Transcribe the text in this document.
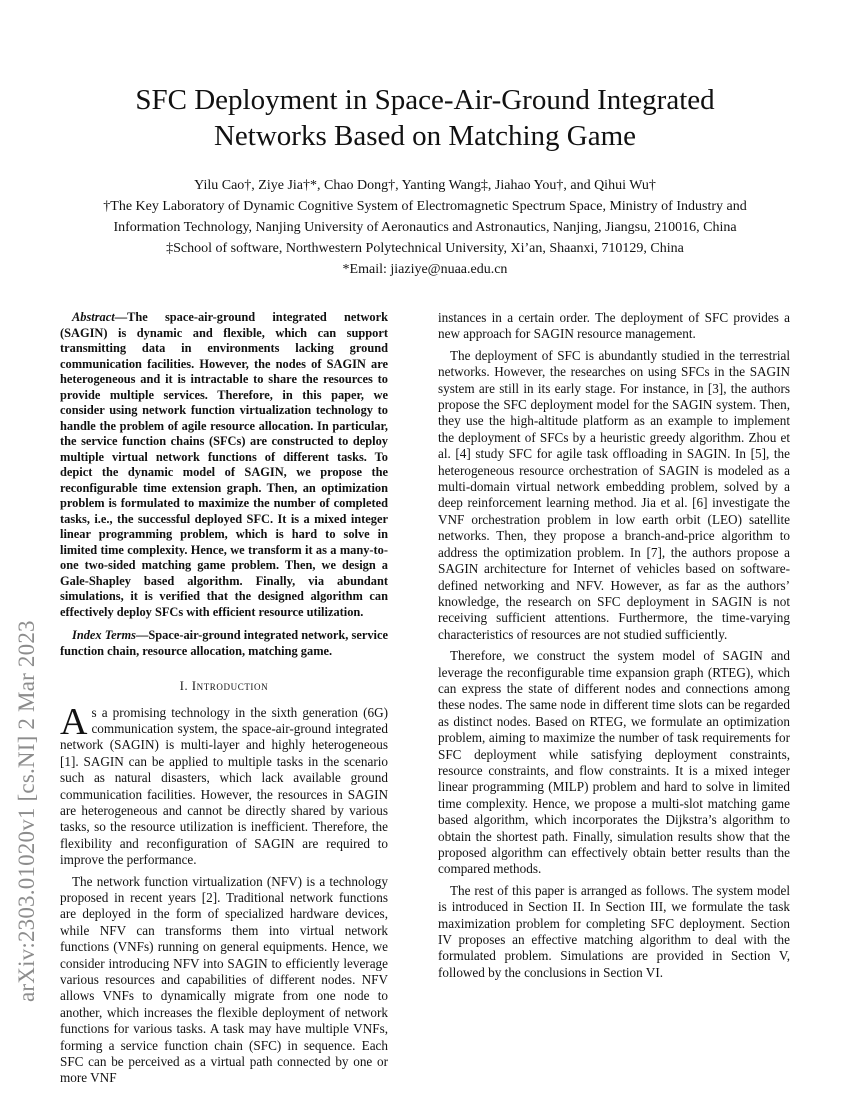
arXiv:2303.01020v1 [cs.NI] 2 Mar 2023
SFC Deployment in Space-Air-Ground Integrated
Networks Based on Matching Game
Yilu Cao†, Ziye Jia†*, Chao Dong†, Yanting Wang‡, Jiahao You†, and Qihui Wu†
†The Key Laboratory of Dynamic Cognitive System of Electromagnetic Spectrum Space, Ministry of Industry and
Information Technology, Nanjing University of Aeronautics and Astronautics, Nanjing, Jiangsu, 210016, China
‡School of software, Northwestern Polytechnical University, Xi’an, Shaanxi, 710129, China
*Email: jiaziye@nuaa.edu.cn

Abstract—The space-air-ground integrated network (SAGIN) is dynamic and flexible, which can support transmitting data in environments lacking ground communication facilities. However, the nodes of SAGIN are heterogeneous and it is intractable to share the resources to provide multiple services. Therefore, in this paper, we consider using network function virtualization technology to handle the problem of agile resource allocation. In particular, the service function chains (SFCs) are constructed to deploy multiple virtual network functions of different tasks. To depict the dynamic model of SAGIN, we propose the reconfigurable time extension graph. Then, an optimization problem is formulated to maximize the number of completed tasks, i.e., the successful deployed SFC. It is a mixed integer linear programming problem, which is hard to solve in limited time complexity. Hence, we transform it as a many-to-one two-sided matching game problem. Then, we design a Gale-Shapley based algorithm. Finally, via abundant simulations, it is verified that the designed algorithm can effectively deploy SFCs with efficient resource utilization.

Index Terms—Space-air-ground integrated network, service function chain, resource allocation, matching game.

I. Introduction

As a promising technology in the sixth generation (6G) communication system, the space-air-ground integrated network (SAGIN) is multi-layer and highly heterogeneous [1]. SAGIN can be applied to multiple tasks in the scenario such as natural disasters, which lack available ground communication facilities. However, the resources in SAGIN are heterogeneous and cannot be directly shared by various tasks, so the resource utilization is inefficient. Therefore, the flexibility and reconfiguration of SAGIN are required to improve the performance.

The network function virtualization (NFV) is a technology proposed in recent years [2]. Traditional network functions are deployed in the form of specialized hardware devices, while NFV can transforms them into virtual network functions (VNFs) running on general equipments. Hence, we consider introducing NFV into SAGIN to efficiently leverage various resources and capabilities of different nodes. NFV allows VNFs to dynamically migrate from one node to another, which increases the flexible deployment of network functions for various tasks. A task may have multiple VNFs, forming a service function chain (SFC) in sequence. Each SFC can be perceived as a virtual path connected by one or more VNF

instances in a certain order. The deployment of SFC provides a new approach for SAGIN resource management.

The deployment of SFC is abundantly studied in the terrestrial networks. However, the researches on using SFCs in the SAGIN system are still in its early stage. For instance, in [3], the authors propose the SFC deployment model for the SAGIN system. Then, they use the high-altitude platform as an example to implement the deployment of SFCs by a heuristic greedy algorithm. Zhou et al. [4] study SFC for agile task offloading in SAGIN. In [5], the heterogeneous resource orchestration of SAGIN is modeled as a multi-domain virtual network embedding problem, solved by a deep reinforcement learning method. Jia et al. [6] investigate the VNF orchestration problem in low earth orbit (LEO) satellite networks. Then, they propose a branch-and-price algorithm to address the optimization problem. In [7], the authors propose a SAGIN architecture for Internet of vehicles based on software-defined networking and NFV. However, as far as the authors’ knowledge, the research on SFC deployment in SAGIN is not receiving sufficient attentions. Furthermore, the time-varying characteristics of resources are not studied sufficiently.

Therefore, we construct the system model of SAGIN and leverage the reconfigurable time expansion graph (RTEG), which can express the state of different nodes and connections among these nodes. The same node in different time slots can be regarded as distinct nodes. Based on RTEG, we formulate an optimization problem, aiming to maximize the number of task requirements for SFC deployment while satisfying deployment constraints, resource constraints, and flow constraints. It is a mixed integer linear programming (MILP) problem and hard to solve in limited time complexity. Hence, we propose a multi-slot matching game based algorithm, which incorporates the Dijkstra’s algorithm to obtain the shortest path. Finally, simulation results show that the proposed algorithm can effectively obtain better results than the compared methods.

The rest of this paper is arranged as follows. The system model is introduced in Section II. In Section III, we formulate the task maximization problem for completing SFC deployment. Section IV proposes an effective matching algorithm to deal with the formulated problem. Simulations are provided in Section V, followed by the conclusions in Section VI.
